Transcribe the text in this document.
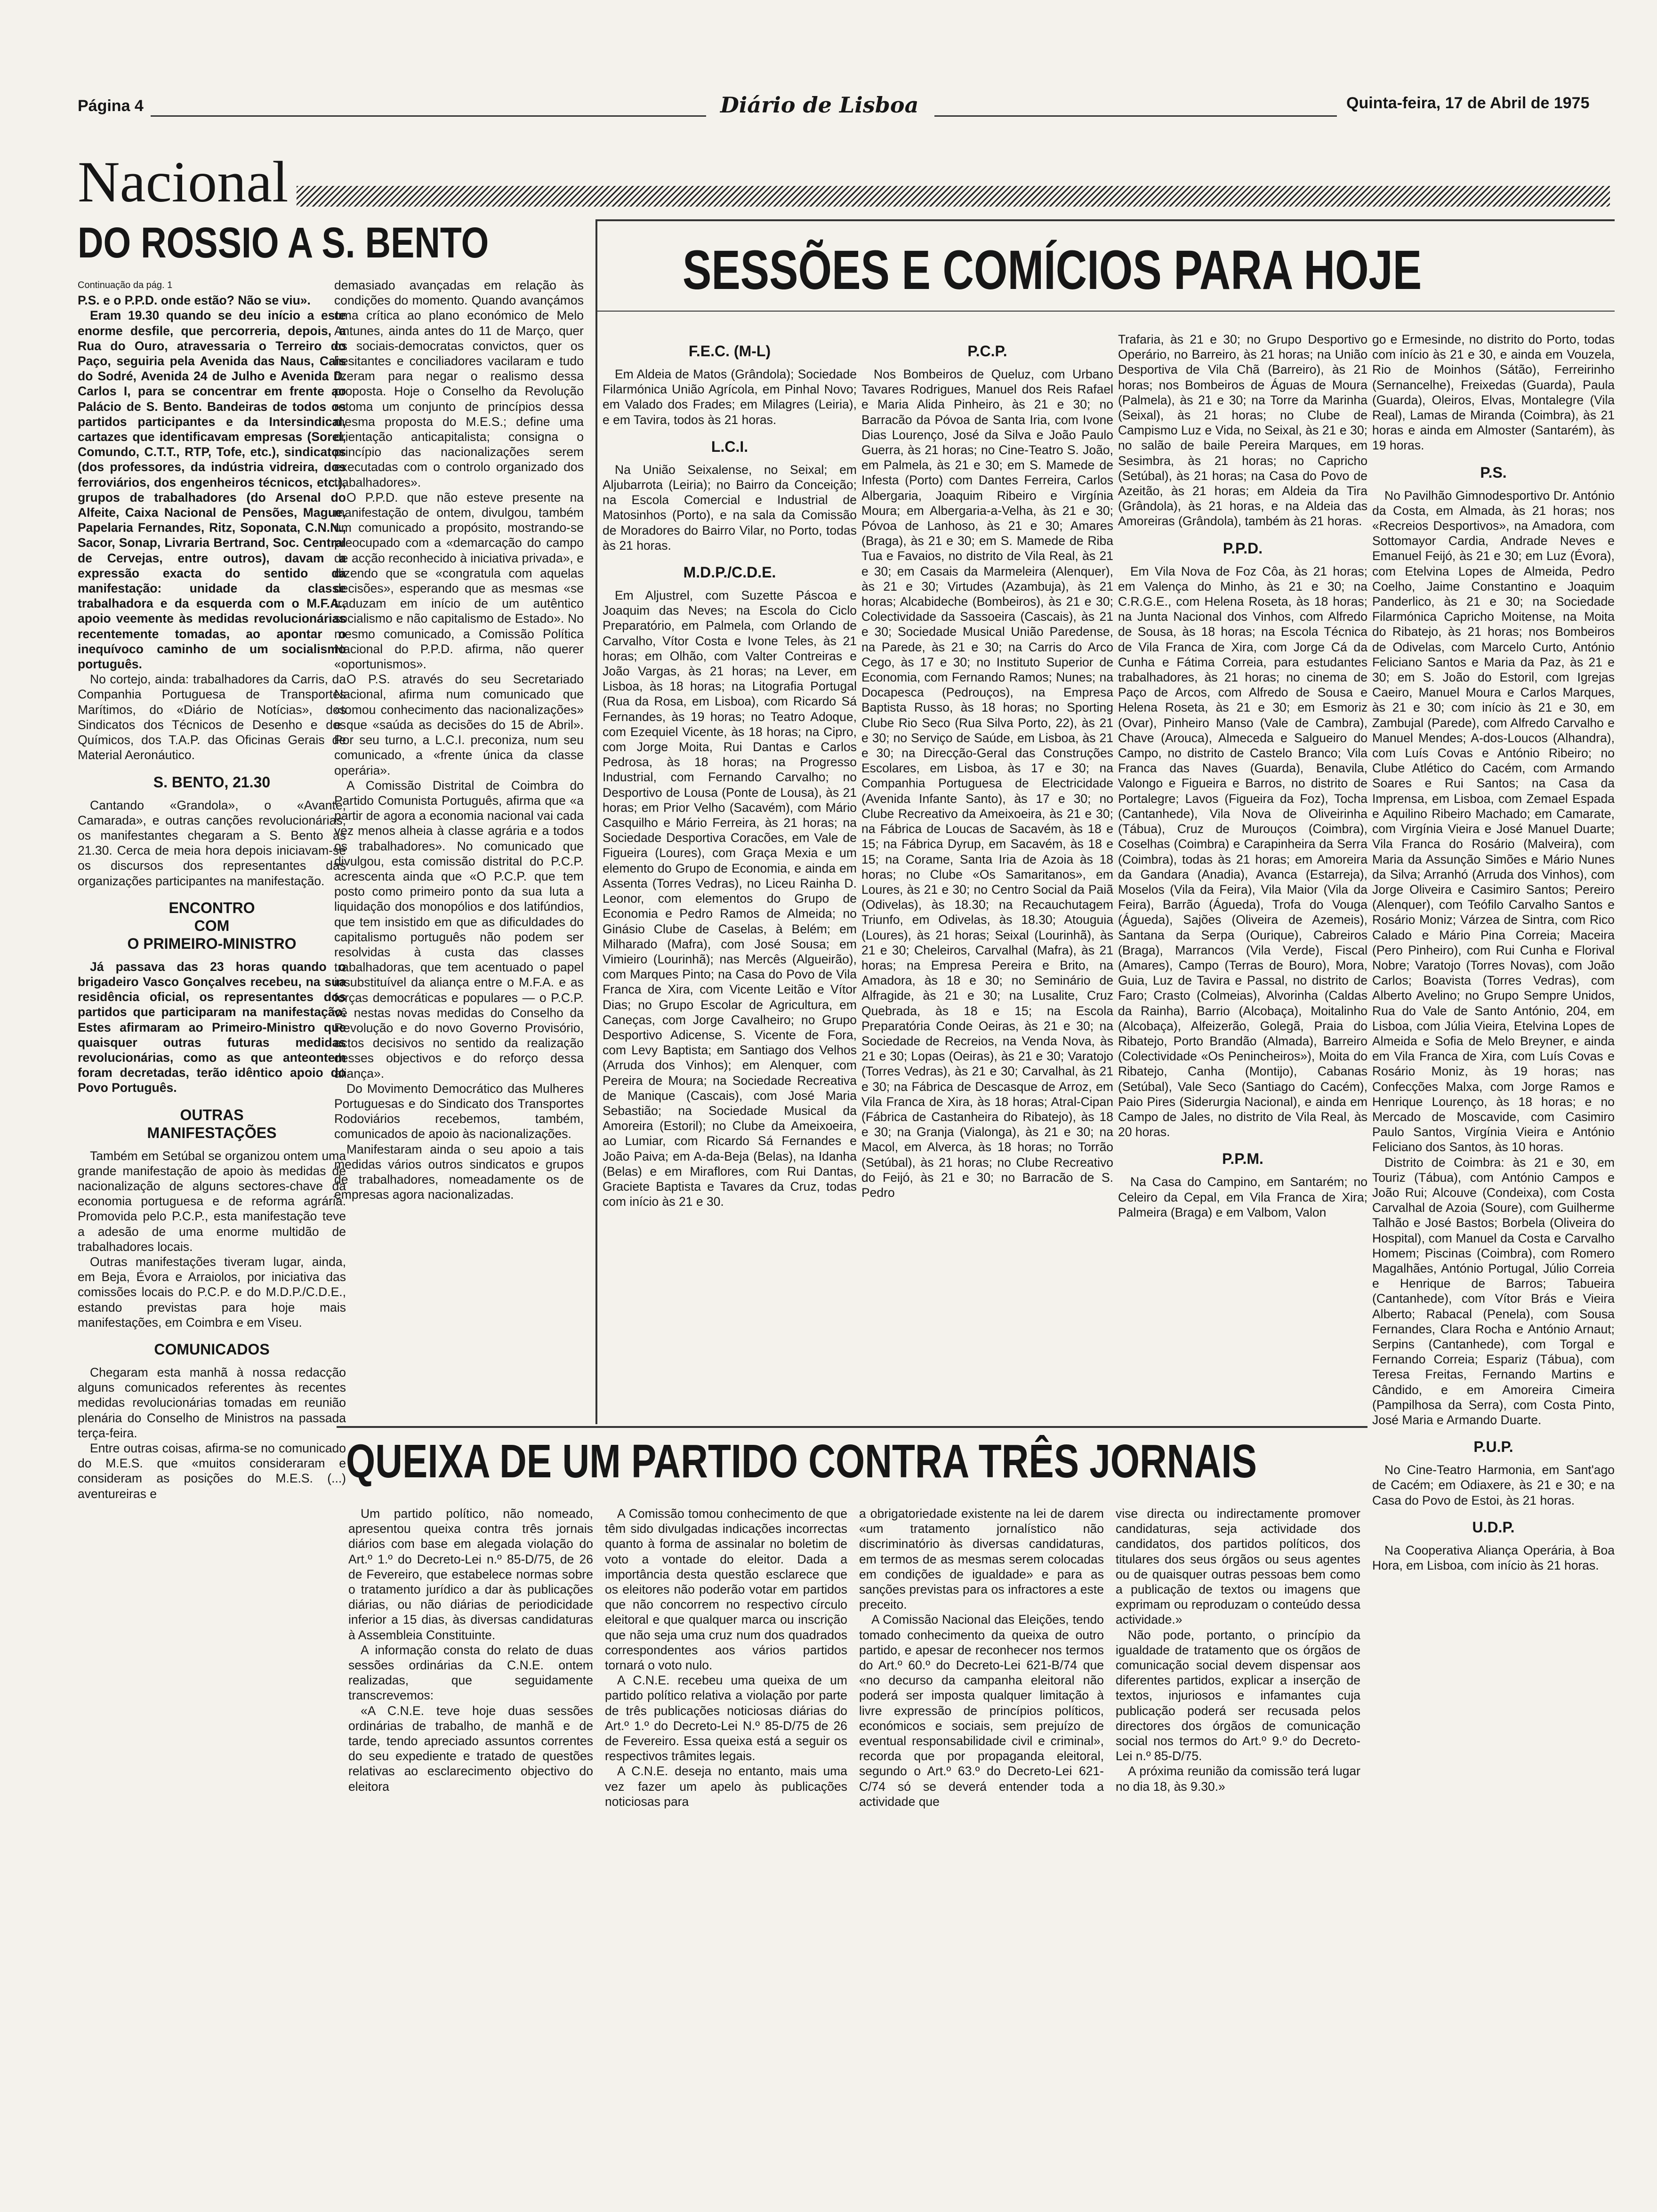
Página 4	Diário de Lisboa	Quinta-feira, 17 de Abril de 1975
Nacional
DO ROSSIO A S. BENTO	SESSÕES E COMÍCIOS PARA HOJE

Continuação da pág. 1

P.S. e o P.P.D. onde estão? Não se viu».

Eram 19.30 quando se deu início a este enorme desfile, que percorreria, depois, a Rua do Ouro, atravessaria o Terreiro do Paço, seguiria pela Avenida das Naus, Cais do Sodré, Avenida 24 de Julho e Avenida D. Carlos I, para se concentrar em frente ao Palácio de S. Bento. Bandeiras de todos os partidos participantes e da Intersindical, cartazes que identificavam empresas (Sorel, Comundo, C.T.T., RTP, Tofe, etc.), sindicatos (dos professores, da indústria vidreira, dos ferroviários, dos engenheiros técnicos, etc.), grupos de trabalhadores (do Arsenal do Alfeite, Caixa Nacional de Pensões, Mague, Papelaria Fernandes, Ritz, Soponata, C.N.N., Sacor, Sonap, Livraria Bertrand, Soc. Central de Cervejas, entre outros), davam a expressão exacta do sentido da manifestação: unidade da classe trabalhadora e da esquerda com o M.F.A., apoio veemente às medidas revolucionárias recentemente tomadas, ao apontar o inequívoco caminho de um socialismo português.

No cortejo, ainda: trabalhadores da Carris, da Companhia Portuguesa de Transportes Marítimos, do «Diário de Notícias», dos Sindicatos dos Técnicos de Desenho e dos Químicos, dos T.A.P. das Oficinas Gerais de Material Aeronáutico.

S. BENTO, 21.30

Cantando «Grandola», o «Avante, Camarada», e outras canções revolucionárias, os manifestantes chegaram a S. Bento às 21.30. Cerca de meia hora depois iniciavam-se os discursos dos representantes das organizações participantes na manifestação.

ENCONTRO
COM
O PRIMEIRO-MINISTRO

Já passava das 23 horas quando o brigadeiro Vasco Gonçalves recebeu, na sua residência oficial, os representantes dos partidos que participaram na manifestação. Estes afirmaram ao Primeiro-Ministro que quaisquer outras futuras medidas revolucionárias, como as que anteontem foram decretadas, terão idêntico apoio do Povo Português.

OUTRAS
MANIFESTAÇÕES

Também em Setúbal se organizou ontem uma grande manifestação de apoio às medidas de nacionalização de alguns sectores-chave da economia portuguesa e de reforma agrária. Promovida pelo P.C.P., esta manifestação teve a adesão de uma enorme multidão de trabalhadores locais.

Outras manifestações tiveram lugar, ainda, em Beja, Évora e Arraiolos, por iniciativa das comissões locais do P.C.P. e do M.D.P./C.D.E., estando previstas para hoje mais manifestações, em Coimbra e em Viseu.

COMUNICADOS

Chegaram esta manhã à nossa redacção alguns comunicados referentes às recentes medidas revolucionárias tomadas em reunião plenária do Conselho de Ministros na passada terça-feira.

Entre outras coisas, afirma-se no comunicado do M.E.S. que «muitos consideraram e consideram as posições do M.E.S. (...) aventureiras e

demasiado avançadas em relação às condições do momento. Quando avançámos uma crítica ao plano económico de Melo Antunes, ainda antes do 11 de Março, quer os sociais-democratas convictos, quer os hesitantes e conciliadores vacilaram e tudo fizeram para negar o realismo dessa proposta. Hoje o Conselho da Revolução retoma um conjunto de princípios dessa mesma proposta do M.E.S.; define uma orientação anticapitalista; consigna o princípio das nacionalizações serem executadas com o controlo organizado dos trabalhadores».

O P.P.D. que não esteve presente na manifestação de ontem, divulgou, também um comunicado a propósito, mostrando-se preocupado com a «demarcação do campo de acção reconhecido à iniciativa privada», e dizendo que se «congratula com aquelas decisões», esperando que as mesmas «se traduzam em início de um autêntico socialismo e não capitalismo de Estado». No mesmo comunicado, a Comissão Política Nacional do P.P.D. afirma, não querer «oportunismos».

O P.S. através do seu Secretariado Nacional, afirma num comunicado que «tomou conhecimento das nacionalizações» e que «saúda as decisões do 15 de Abril». Por seu turno, a L.C.I. preconiza, num seu comunicado, a «frente única da classe operária».

A Comissão Distrital de Coimbra do Partido Comunista Português, afirma que «a partir de agora a economia nacional vai cada vez menos alheia à classe agrária e a todos os trabalhadores». No comunicado que divulgou, esta comissão distrital do P.C.P. acrescenta ainda que «O P.C.P. que tem posto como primeiro ponto da sua luta a liquidação dos monopólios e dos latifúndios, que tem insistido em que as dificuldades do capitalismo português não podem ser resolvidas à custa das classes trabalhadoras, que tem acentuado o papel insubstituível da aliança entre o M.F.A. e as forças democráticas e populares — o P.C.P. vê nestas novas medidas do Conselho da Revolução e do novo Governo Provisório, actos decisivos no sentido da realização desses objectivos e do reforço dessa aliança».

Do Movimento Democrático das Mulheres Portuguesas e do Sindicato dos Transportes Rodoviários recebemos, também, comunicados de apoio às nacionalizações.

Manifestaram ainda o seu apoio a tais medidas vários outros sindicatos e grupos de trabalhadores, nomeadamente os de empresas agora nacionalizadas.

F.E.C. (M-L)

Em Aldeia de Matos (Grândola); Sociedade Filarmónica União Agrícola, em Pinhal Novo; em Valado dos Frades; em Milagres (Leiria), e em Tavira, todos às 21 horas.

L.C.I.

Na União Seixalense, no Seixal; em Aljubarrota (Leiria); no Bairro da Conceição; na Escola Comercial e Industrial de Matosinhos (Porto), e na sala da Comissão de Moradores do Bairro Vilar, no Porto, todas às 21 horas.

M.D.P./C.D.E.

Em Aljustrel, com Suzette Páscoa e Joaquim das Neves; na Escola do Ciclo Preparatório, em Palmela, com Orlando de Carvalho, Vítor Costa e Ivone Teles, às 21 horas; em Olhão, com Valter Contreiras e João Vargas, às 21 horas; na Lever, em Lisboa, às 18 horas; na Litografia Portugal (Rua da Rosa, em Lisboa), com Ricardo Sá Fernandes, às 19 horas; no Teatro Adoque, com Ezequiel Vicente, às 18 horas; na Cipro, com Jorge Moita, Rui Dantas e Carlos Pedrosa, às 18 horas; na Progresso Industrial, com Fernando Carvalho; no Desportivo de Lousa (Ponte de Lousa), às 21 horas; em Prior Velho (Sacavém), com Mário Casquilho e Mário Ferreira, às 21 horas; na Sociedade Desportiva Coracões, em Vale de Figueira (Loures), com Graça Mexia e um elemento do Grupo de Economia, e ainda em Assenta (Torres Vedras), no Liceu Rainha D. Leonor, com elementos do Grupo de Economia e Pedro Ramos de Almeida; no Ginásio Clube de Caselas, à Belém; em Milharado (Mafra), com José Sousa; em Vimieiro (Lourinhã); nas Mercês (Algueirão), com Marques Pinto; na Casa do Povo de Vila Franca de Xira, com Vicente Leitão e Vítor Dias; no Grupo Escolar de Agricultura, em Caneças, com Jorge Cavalheiro; no Grupo Desportivo Adicense, S. Vicente de Fora, com Levy Baptista; em Santiago dos Velhos (Arruda dos Vinhos); em Alenquer, com Pereira de Moura; na Sociedade Recreativa de Manique (Cascais), com José Maria Sebastião; na Sociedade Musical da Amoreira (Estoril); no Clube da Ameixoeira, ao Lumiar, com Ricardo Sá Fernandes e João Paiva; em A-da-Beja (Belas), na Idanha (Belas) e em Miraflores, com Rui Dantas, Graciete Baptista e Tavares da Cruz, todas com início às 21 e 30.

P.C.P.

Nos Bombeiros de Queluz, com Urbano Tavares Rodrigues, Manuel dos Reis Rafael e Maria Alida Pinheiro, às 21 e 30; no Barracão da Póvoa de Santa Iria, com Ivone Dias Lourenço, José da Silva e João Paulo Guerra, às 21 horas; no Cine-Teatro S. João, em Palmela, às 21 e 30; em S. Mamede de Infesta (Porto) com Dantes Ferreira, Carlos Albergaria, Joaquim Ribeiro e Virgínia Moura; em Albergaria-a-Velha, às 21 e 30; Póvoa de Lanhoso, às 21 e 30; Amares (Braga), às 21 e 30; em S. Mamede de Riba Tua e Favaios, no distrito de Vila Real, às 21 e 30; em Casais da Marmeleira (Alenquer), às 21 e 30; Virtudes (Azambuja), às 21 horas; Alcabideche (Bombeiros), às 21 e 30; Colectividade da Sassoeira (Cascais), às 21 e 30; Sociedade Musical União Paredense, na Parede, às 21 e 30; na Carris do Arco Cego, às 17 e 30; no Instituto Superior de Economia, com Fernando Ramos; Nunes; na Docapesca (Pedrouços), na Empresa Baptista Russo, às 18 horas; no Sporting Clube Rio Seco (Rua Silva Porto, 22), às 21 e 30; no Serviço de Saúde, em Lisboa, às 21 e 30; na Direcção-Geral das Construções Escolares, em Lisboa, às 17 e 30; na Companhia Portuguesa de Electricidade (Avenida Infante Santo), às 17 e 30; no Clube Recreativo da Ameixoeira, às 21 e 30; na Fábrica de Loucas de Sacavém, às 18 e 15; na Fábrica Dyrup, em Sacavém, às 18 e 15; na Corame, Santa Iria de Azoia às 18 horas; no Clube «Os Samaritanos», em Loures, às 21 e 30; no Centro Social da Paiã (Odivelas), às 18.30; na Recauchutagem Triunfo, em Odivelas, às 18.30; Atouguia (Loures), às 21 horas; Seixal (Lourinhã), às 21 e 30; Cheleiros, Carvalhal (Mafra), às 21 horas; na Empresa Pereira e Brito, na Amadora, às 18 e 30; no Seminário de Alfragide, às 21 e 30; na Lusalite, Cruz Quebrada, às 18 e 15; na Escola Preparatória Conde Oeiras, às 21 e 30; na Sociedade de Recreios, na Venda Nova, às 21 e 30; Lopas (Oeiras), às 21 e 30; Varatojo (Torres Vedras), às 21 e 30; Carvalhal, às 21 e 30; na Fábrica de Descasque de Arroz, em Vila Franca de Xira, às 18 horas; Atral-Cipan (Fábrica de Castanheira do Ribatejo), às 18 e 30; na Granja (Vialonga), às 21 e 30; na Macol, em Alverca, às 18 horas; no Torrão (Setúbal), às 21 horas; no Clube Recreativo do Feijó, às 21 e 30; no Barracão de S. Pedro

Trafaria, às 21 e 30; no Grupo Desportivo Operário, no Barreiro, às 21 horas; na União Desportiva de Vila Chã (Barreiro), às 21 horas; nos Bombeiros de Águas de Moura (Palmela), às 21 e 30; na Torre da Marinha (Seixal), às 21 horas; no Clube de Campismo Luz e Vida, no Seixal, às 21 e 30; no salão de baile Pereira Marques, em Sesimbra, às 21 horas; no Capricho (Setúbal), às 21 horas; na Casa do Povo de Azeitão, às 21 horas; em Aldeia da Tira (Grândola), às 21 horas, e na Aldeia das Amoreiras (Grândola), também às 21 horas.

P.P.D.

Em Vila Nova de Foz Côa, às 21 horas; em Valença do Minho, às 21 e 30; na C.R.G.E., com Helena Roseta, às 18 horas; na Junta Nacional dos Vinhos, com Alfredo de Sousa, às 18 horas; na Escola Técnica de Vila Franca de Xira, com Jorge Cá da Cunha e Fátima Correia, para estudantes trabalhadores, às 21 horas; no cinema de Paço de Arcos, com Alfredo de Sousa e Helena Roseta, às 21 e 30; em Esmoriz (Ovar), Pinheiro Manso (Vale de Cambra), Chave (Arouca), Almeceda e Salgueiro do Campo, no distrito de Castelo Branco; Vila Franca das Naves (Guarda), Benavila, Valongo e Figueira e Barros, no distrito de Portalegre; Lavos (Figueira da Foz), Tocha (Cantanhede), Vila Nova de Oliveirinha (Tábua), Cruz de Murouços (Coimbra), Coselhas (Coimbra) e Carapinheira da Serra (Coimbra), todas às 21 horas; em Amoreira da Gandara (Anadia), Avanca (Estarreja), Moselos (Vila da Feira), Vila Maior (Vila da Feira), Barrão (Águeda), Trofa do Vouga (Águeda), Sajões (Oliveira de Azemeis), Santana da Serpa (Ourique), Cabreiros (Braga), Marrancos (Vila Verde), Fiscal (Amares), Campo (Terras de Bouro), Mora, Guia, Luz de Tavira e Passal, no distrito de Faro; Crasto (Colmeias), Alvorinha (Caldas da Rainha), Barrio (Alcobaça), Moitalinho (Alcobaça), Alfeizerão, Golegã, Praia do Ribatejo, Porto Brandão (Almada), Barreiro (Colectividade «Os Penincheiros»), Moita do Ribatejo, Canha (Montijo), Cabanas (Setúbal), Vale Seco (Santiago do Cacém), Paio Pires (Siderurgia Nacional), e ainda em Campo de Jales, no distrito de Vila Real, às 20 horas.

P.P.M.

Na Casa do Campino, em Santarém; no Celeiro da Cepal, em Vila Franca de Xira; Palmeira (Braga) e em Valbom, Valon

go e Ermesinde, no distrito do Porto, todas com início às 21 e 30, e ainda em Vouzela, Rio de Moinhos (Sátão), Ferreirinho (Sernancelhe), Freixedas (Guarda), Paula (Guarda), Oleiros, Elvas, Montalegre (Vila Real), Lamas de Miranda (Coimbra), às 21 horas e ainda em Almoster (Santarém), às 19 horas.

P.S.

No Pavilhão Gimnodesportivo Dr. António da Costa, em Almada, às 21 horas; nos «Recreios Desportivos», na Amadora, com Sottomayor Cardia, Andrade Neves e Emanuel Feijó, às 21 e 30; em Luz (Évora), com Etelvina Lopes de Almeida, Pedro Coelho, Jaime Constantino e Joaquim Panderlico, às 21 e 30; na Sociedade Filarmónica Capricho Moitense, na Moita do Ribatejo, às 21 horas; nos Bombeiros de Odivelas, com Marcelo Curto, António Feliciano Santos e Maria da Paz, às 21 e 30; em S. João do Estoril, com Igrejas Caeiro, Manuel Moura e Carlos Marques, às 21 e 30; com início às 21 e 30, em Zambujal (Parede), com Alfredo Carvalho e Manuel Mendes; A-dos-Loucos (Alhandra), com Luís Covas e António Ribeiro; no Clube Atlético do Cacém, com Armando Soares e Rui Santos; na Casa da Imprensa, em Lisboa, com Zemael Espada e Aquilino Ribeiro Machado; em Camarate, com Virgínia Vieira e José Manuel Duarte; Vila Franca do Rosário (Malveira), com Maria da Assunção Simões e Mário Nunes da Silva; Arranhó (Arruda dos Vinhos), com Jorge Oliveira e Casimiro Santos; Pereiro (Alenquer), com Teófilo Carvalho Santos e Rosário Moniz; Várzea de Sintra, com Rico Calado e Mário Pina Correia; Maceira (Pero Pinheiro), com Rui Cunha e Florival Nobre; Varatojo (Torres Novas), com João Carlos; Boavista (Torres Vedras), com Alberto Avelino; no Grupo Sempre Unidos, Rua do Vale de Santo António, 204, em Lisboa, com Júlia Vieira, Etelvina Lopes de Almeida e Sofia de Melo Breyner, e ainda em Vila Franca de Xira, com Luís Covas e Rosário Moniz, às 19 horas; nas Confecções Malxa, com Jorge Ramos e Henrique Lourenço, às 18 horas; e no Mercado de Moscavide, com Casimiro Paulo Santos, Virgínia Vieira e António Feliciano dos Santos, às 10 horas.

Distrito de Coimbra: às 21 e 30, em Touriz (Tábua), com António Campos e João Rui; Alcouve (Condeixa), com Costa Carvalhal de Azoia (Soure), com Guilherme Talhão e José Bastos; Borbela (Oliveira do Hospital), com Manuel da Costa e Carvalho Homem; Piscinas (Coimbra), com Romero Magalhães, António Portugal, Júlio Correia e Henrique de Barros; Tabueira (Cantanhede), com Vítor Brás e Vieira Alberto; Rabacal (Penela), com Sousa Fernandes, Clara Rocha e António Arnaut; Serpins (Cantanhede), com Torgal e Fernando Correia; Espariz (Tábua), com Teresa Freitas, Fernando Martins e Cândido, e em Amoreira Cimeira (Pampilhosa da Serra), com Costa Pinto, José Maria e Armando Duarte.

P.U.P.

No Cine-Teatro Harmonia, em Sant'ago de Cacém; em Odiaxere, às 21 e 30; e na Casa do Povo de Estoi, às 21 horas.

U.D.P.

Na Cooperativa Aliança Operária, à Boa Hora, em Lisboa, com início às 21 horas.

QUEIXA DE UM PARTIDO CONTRA TRÊS JORNAIS

Um partido político, não nomeado, apresentou queixa contra três jornais diários com base em alegada violação do Art.º 1.º do Decreto-Lei n.º 85-D/75, de 26 de Fevereiro, que estabelece normas sobre o tratamento jurídico a dar às publicações diárias, ou não diárias de periodicidade inferior a 15 dias, às diversas candidaturas à Assembleia Constituinte.

A informação consta do relato de duas sessões ordinárias da C.N.E. ontem realizadas, que seguidamente transcrevemos:

«A C.N.E. teve hoje duas sessões ordinárias de trabalho, de manhã e de tarde, tendo apreciado assuntos correntes do seu expediente e tratado de questões relativas ao esclarecimento objectivo do eleitora

A Comissão tomou conhecimento de que têm sido divulgadas indicações incorrectas quanto à forma de assinalar no boletim de voto a vontade do eleitor. Dada a importância desta questão esclarece que os eleitores não poderão votar em partidos que não concorrem no respectivo círculo eleitoral e que qualquer marca ou inscrição que não seja uma cruz num dos quadrados correspondentes aos vários partidos tornará o voto nulo.

A C.N.E. recebeu uma queixa de um partido político relativa a violação por parte de três publicações noticiosas diárias do Art.º 1.º do Decreto-Lei N.º 85-D/75 de 26 de Fevereiro. Essa queixa está a seguir os respectivos trâmites legais.

A C.N.E. deseja no entanto, mais uma vez fazer um apelo às publicações noticiosas para

a obrigatoriedade existente na lei de darem «um tratamento jornalístico não discriminatório às diversas candidaturas, em termos de as mesmas serem colocadas em condições de igualdade» e para as sanções previstas para os infractores a este preceito.

A Comissão Nacional das Eleições, tendo tomado conhecimento da queixa de outro partido, e apesar de reconhecer nos termos do Art.º 60.º do Decreto-Lei 621-B/74 que «no decurso da campanha eleitoral não poderá ser imposta qualquer limitação à livre expressão de princípios políticos, económicos e sociais, sem prejuízo de eventual responsabilidade civil e criminal», recorda que por propaganda eleitoral, segundo o Art.º 63.º do Decreto-Lei 621-C/74 só se deverá entender toda a actividade que

vise directa ou indirectamente promover candidaturas, seja actividade dos candidatos, dos partidos políticos, dos titulares dos seus órgãos ou seus agentes ou de quaisquer outras pessoas bem como a publicação de textos ou imagens que exprimam ou reproduzam o conteúdo dessa actividade.»

Não pode, portanto, o princípio da igualdade de tratamento que os órgãos de comunicação social devem dispensar aos diferentes partidos, explicar a inserção de textos, injuriosos e infamantes cuja publicação poderá ser recusada pelos directores dos órgãos de comunicação social nos termos do Art.º 9.º do Decreto-Lei n.º 85-D/75.

A próxima reunião da comissão terá lugar no dia 18, às 9.30.»
